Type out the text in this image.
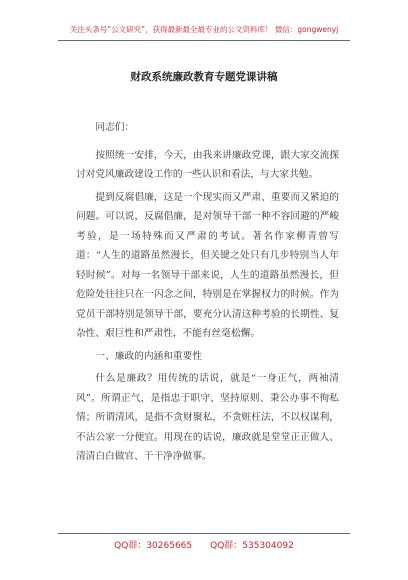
关注头条号“公文研究”，获得最新最全最专业的公文资料库！ 微信：gongwenyj
财政系统廉政教育专题党课讲稿

同志们：

按照统一安排，今天，由我来讲廉政党课，跟大家交流探讨对党风廉政建设工作的一些认识和看法，与大家共勉。

提到反腐倡廉，这是一个现实而又严肃、重要而又紧迫的问题。可以说，反腐倡廉，是对领导干部一种不容回避的严峻考验，是一场特殊而又严肃的考试。著名作家柳青曾写道：“人生的道路虽然漫长，但关键之处只有几步特别当人年轻时候”。对每一名领导干部来说，人生的道路虽然漫长，但危险处往往只在一闪念之间，特别是在掌握权力的时候。作为党员干部特别是领导干部，要充分认清这种考验的长期性、复杂性、艰巨性和严肃性，不能有丝毫松懈。

一、廉政的内涵和重要性

什么是廉政？用传统的话说，就是“一身正气，两袖清风”。所谓正气，是指忠于职守、坚持原则、秉公办事不徇私情；所谓清风，是指不贪财聚私，不贪赃枉法，不以权谋利，不沾公家一分便宜。用现在的话说，廉政就是堂堂正正做人、清清白白做官、干干净净做事。

QQ群：30265665　　QQ群：535304092
